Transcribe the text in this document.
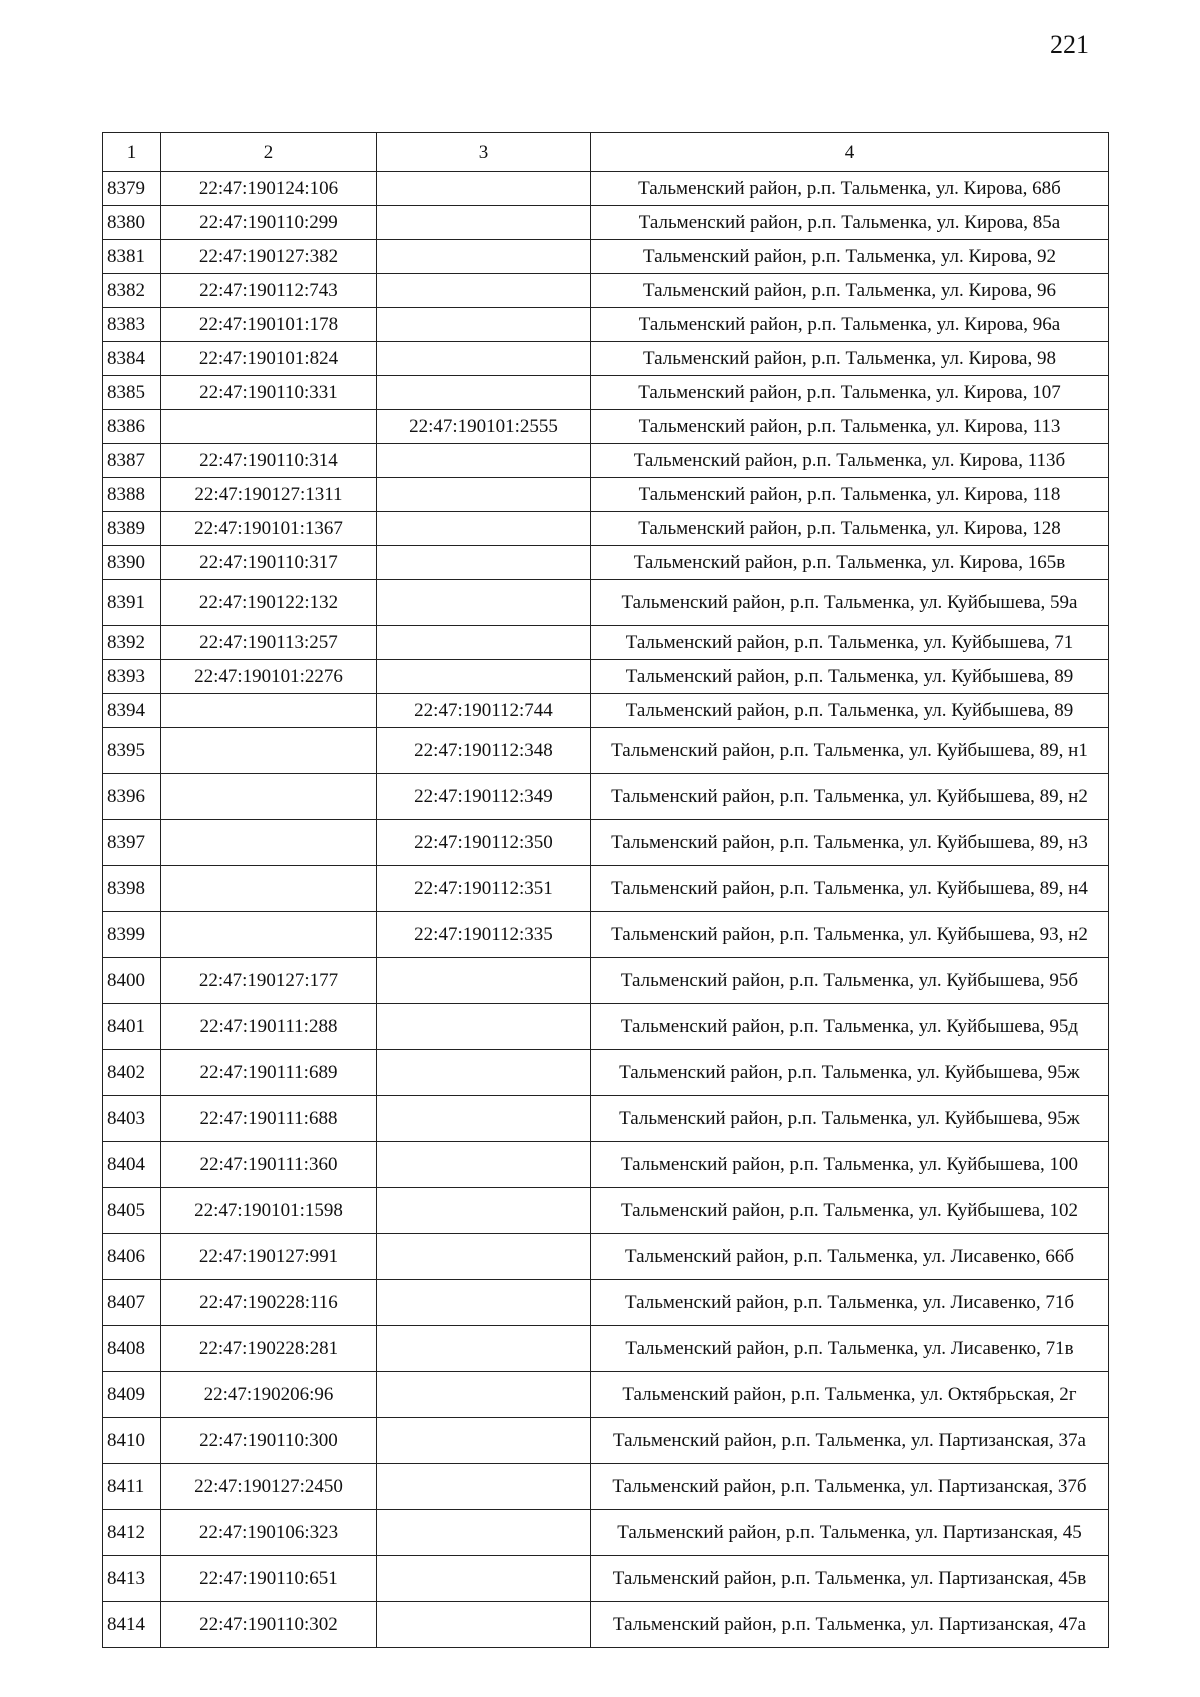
221
1	2	3	4
8379	22:47:190124:106		Тальменский район, р.п. Тальменка, ул. Кирова, 68б
8380	22:47:190110:299		Тальменский район, р.п. Тальменка, ул. Кирова, 85а
8381	22:47:190127:382		Тальменский район, р.п. Тальменка, ул. Кирова, 92
8382	22:47:190112:743		Тальменский район, р.п. Тальменка, ул. Кирова, 96
8383	22:47:190101:178		Тальменский район, р.п. Тальменка, ул. Кирова, 96а
8384	22:47:190101:824		Тальменский район, р.п. Тальменка, ул. Кирова, 98
8385	22:47:190110:331		Тальменский район, р.п. Тальменка, ул. Кирова, 107
8386		22:47:190101:2555	Тальменский район, р.п. Тальменка, ул. Кирова, 113
8387	22:47:190110:314		Тальменский район, р.п. Тальменка, ул. Кирова, 113б
8388	22:47:190127:1311		Тальменский район, р.п. Тальменка, ул. Кирова, 118
8389	22:47:190101:1367		Тальменский район, р.п. Тальменка, ул. Кирова, 128
8390	22:47:190110:317		Тальменский район, р.п. Тальменка, ул. Кирова, 165в
8391	22:47:190122:132		Тальменский район, р.п. Тальменка, ул. Куйбышева, 59а
8392	22:47:190113:257		Тальменский район, р.п. Тальменка, ул. Куйбышева, 71
8393	22:47:190101:2276		Тальменский район, р.п. Тальменка, ул. Куйбышева, 89
8394		22:47:190112:744	Тальменский район, р.п. Тальменка, ул. Куйбышева, 89
8395		22:47:190112:348	Тальменский район, р.п. Тальменка, ул. Куйбышева, 89, н1
8396		22:47:190112:349	Тальменский район, р.п. Тальменка, ул. Куйбышева, 89, н2
8397		22:47:190112:350	Тальменский район, р.п. Тальменка, ул. Куйбышева, 89, н3
8398		22:47:190112:351	Тальменский район, р.п. Тальменка, ул. Куйбышева, 89, н4
8399		22:47:190112:335	Тальменский район, р.п. Тальменка, ул. Куйбышева, 93, н2
8400	22:47:190127:177		Тальменский район, р.п. Тальменка, ул. Куйбышева, 95б
8401	22:47:190111:288		Тальменский район, р.п. Тальменка, ул. Куйбышева, 95д
8402	22:47:190111:689		Тальменский район, р.п. Тальменка, ул. Куйбышева, 95ж
8403	22:47:190111:688		Тальменский район, р.п. Тальменка, ул. Куйбышева, 95ж
8404	22:47:190111:360		Тальменский район, р.п. Тальменка, ул. Куйбышева, 100
8405	22:47:190101:1598		Тальменский район, р.п. Тальменка, ул. Куйбышева, 102
8406	22:47:190127:991		Тальменский район, р.п. Тальменка, ул. Лисавенко, 66б
8407	22:47:190228:116		Тальменский район, р.п. Тальменка, ул. Лисавенко, 71б
8408	22:47:190228:281		Тальменский район, р.п. Тальменка, ул. Лисавенко, 71в
8409	22:47:190206:96		Тальменский район, р.п. Тальменка, ул. Октябрьская, 2г
8410	22:47:190110:300		Тальменский район, р.п. Тальменка, ул. Партизанская, 37а
8411	22:47:190127:2450		Тальменский район, р.п. Тальменка, ул. Партизанская, 37б
8412	22:47:190106:323		Тальменский район, р.п. Тальменка, ул. Партизанская, 45
8413	22:47:190110:651		Тальменский район, р.п. Тальменка, ул. Партизанская, 45в
8414	22:47:190110:302		Тальменский район, р.п. Тальменка, ул. Партизанская, 47а
